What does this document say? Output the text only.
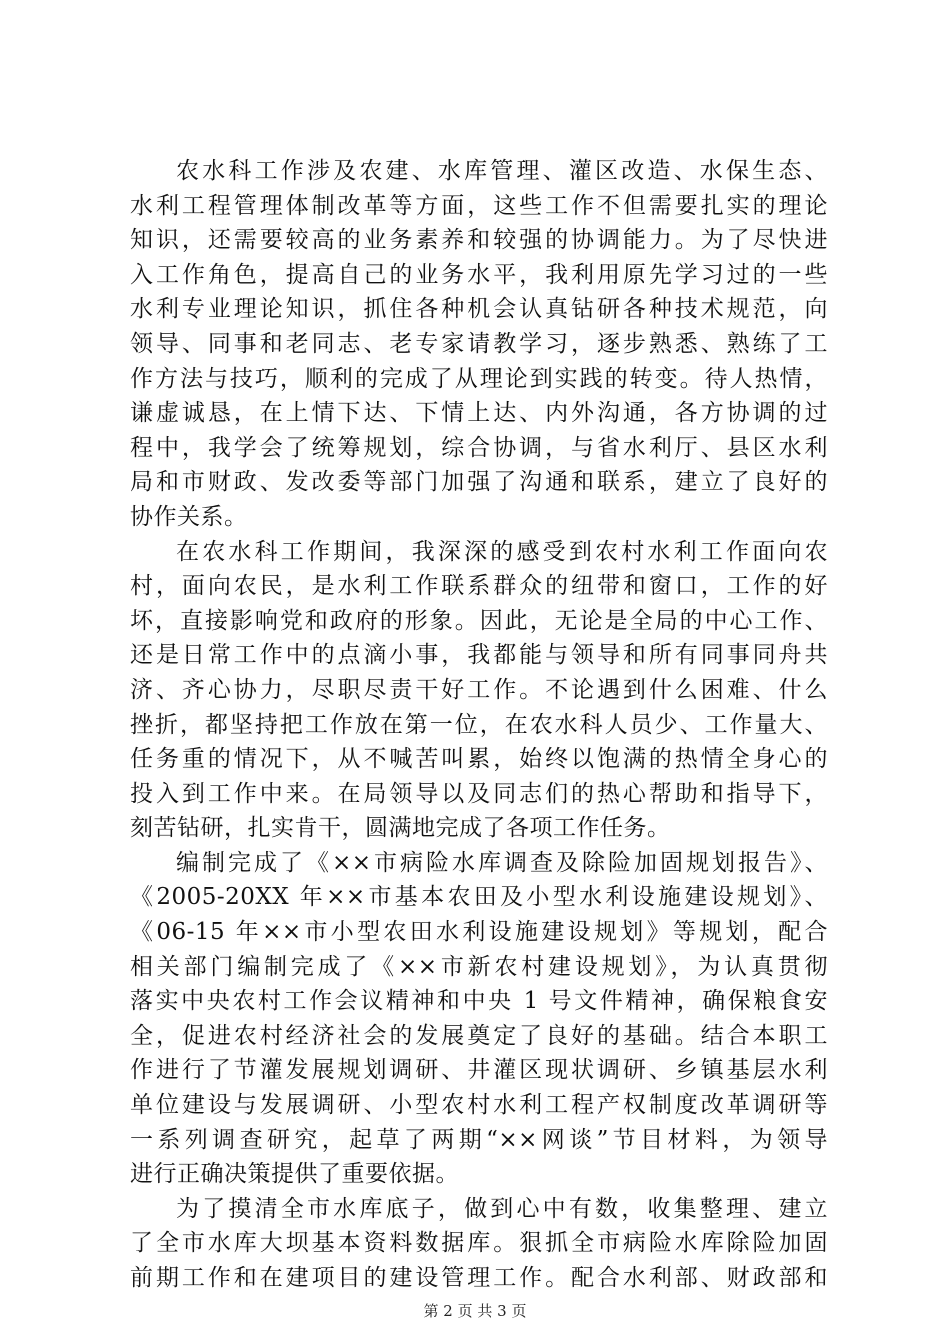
农水科工作涉及农建、水库管理、灌区改造、水保生态、
水利工程管理体制改革等方面，这些工作不但需要扎实的理论
知识，还需要较高的业务素养和较强的协调能力。为了尽快进
入工作角色，提高自己的业务水平，我利用原先学习过的一些
水利专业理论知识，抓住各种机会认真钻研各种技术规范，向
领导、同事和老同志、老专家请教学习，逐步熟悉、熟练了工
作方法与技巧，顺利的完成了从理论到实践的转变。待人热情，
谦虚诚恳，在上情下达、下情上达、内外沟通，各方协调的过
程中，我学会了统筹规划，综合协调，与省水利厅、县区水利
局和市财政、发改委等部门加强了沟通和联系，建立了良好的
协作关系。
在农水科工作期间，我深深的感受到农村水利工作面向农
村，面向农民，是水利工作联系群众的纽带和窗口，工作的好
坏，直接影响党和政府的形象。因此，无论是全局的中心工作、
还是日常工作中的点滴小事，我都能与领导和所有同事同舟共
济、齐心协力，尽职尽责干好工作。不论遇到什么困难、什么
挫折，都坚持把工作放在第一位，在农水科人员少、工作量大、
任务重的情况下，从不喊苦叫累，始终以饱满的热情全身心的
投入到工作中来。在局领导以及同志们的热心帮助和指导下，
刻苦钻研，扎实肯干，圆满地完成了各项工作任务。
编制完成了《××市病险水库调查及除险加固规划报告》、
《2005-20XX 年××市基本农田及小型水利设施建设规划》、
《06-15 年××市小型农田水利设施建设规划》等规划，配合
相关部门编制完成了《××市新农村建设规划》，为认真贯彻
落实中央农村工作会议精神和中央 1 号文件精神，确保粮食安
全，促进农村经济社会的发展奠定了良好的基础。结合本职工
作进行了节灌发展规划调研、井灌区现状调研、乡镇基层水利
单位建设与发展调研、小型农村水利工程产权制度改革调研等
一系列调查研究，起草了两期“××网谈”节目材料，为领导
进行正确决策提供了重要依据。
为了摸清全市水库底子，做到心中有数，收集整理、建立
了全市水库大坝基本资料数据库。狠抓全市病险水库除险加固
前期工作和在建项目的建设管理工作。配合水利部、财政部和
第 2 页 共 3 页
